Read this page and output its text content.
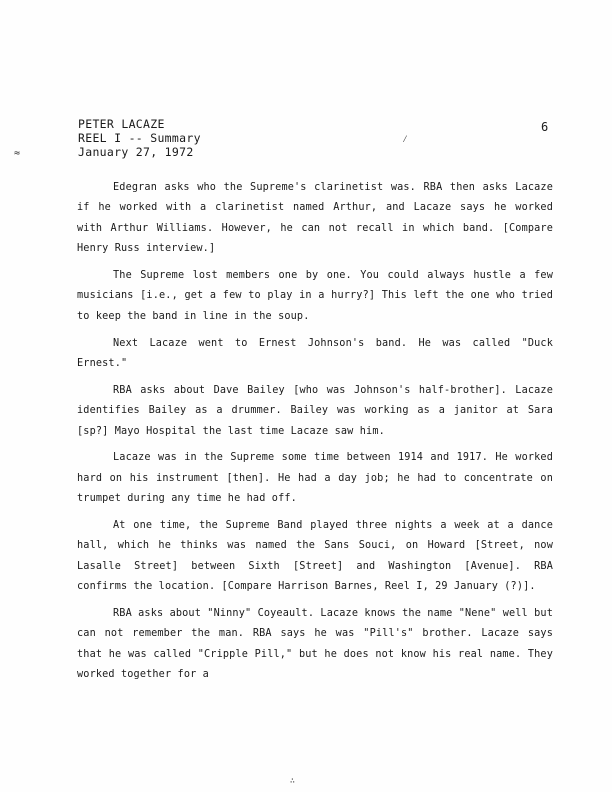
PETER LACAZE
REEL I -- Summary
January 27, 1972
6
⁄
≈
∴

Edegran asks who the Supreme's clarinetist was. RBA then asks Lacaze if he worked with a clarinetist named Arthur, and Lacaze says he worked with Arthur Williams. However, he can not recall in which band. [Compare Henry Russ interview.]

The Supreme lost members one by one. You could always hustle a few musicians [i.e., get a few to play in a hurry?] This left the one who tried to keep the band in line in the soup.

Next Lacaze went to Ernest Johnson's band. He was called "Duck Ernest."

RBA asks about Dave Bailey [who was Johnson's half-brother]. Lacaze identifies Bailey as a drummer. Bailey was working as a janitor at Sara [sp?] Mayo Hospital the last time Lacaze saw him.

Lacaze was in the Supreme some time between 1914 and 1917. He worked hard on his instrument [then]. He had a day job; he had to concentrate on trumpet during any time he had off.

At one time, the Supreme Band played three nights a week at a dance hall, which he thinks was named the Sans Souci, on Howard [Street, now Lasalle Street] between Sixth [Street] and Washington [Avenue]. RBA confirms the location. [Compare Harrison Barnes, Reel I, 29 January (?)].

RBA asks about "Ninny" Coyeault. Lacaze knows the name "Nene" well but can not remember the man. RBA says he was "Pill's" brother. Lacaze says that he was called "Cripple Pill," but he does not know his real name. They worked together for a
